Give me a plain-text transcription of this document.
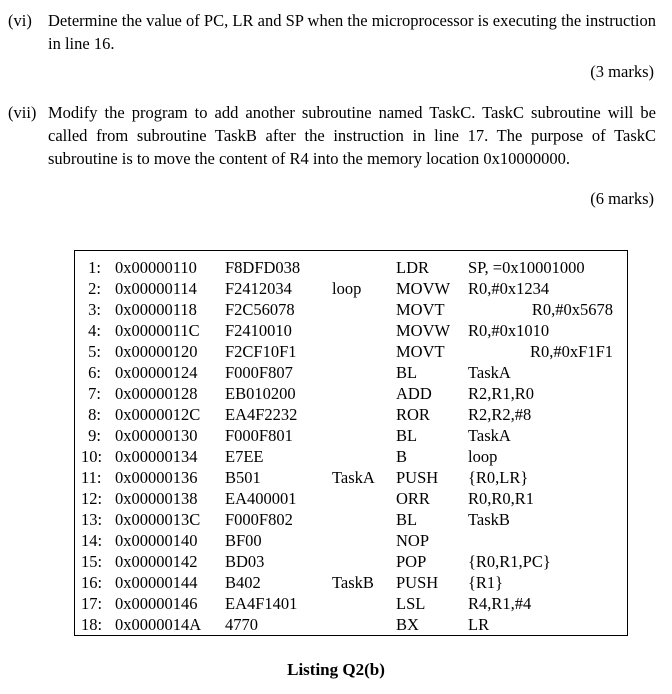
(vi) Determine the value of PC, LR and SP when the microprocessor is executing the instruction in line 16.
(3 marks)
(vii) Modify the program to add another subroutine named TaskC. TaskC subroutine will be called from subroutine TaskB after the instruction in line 17. The purpose of TaskC subroutine is to move the content of R4 into the memory location 0x10000000.
(6 marks)
1: 0x00000110 F8DFD038	LDR SP, =0x10001000
2: 0x00000114 F2412034 loop MOVW R0,#0x1234
3: 0x00000118 F2C56078	MOVT	R0,#0x5678
4: 0x0000011C F2410010	MOVW R0,#0x1010
5: 0x00000120 F2CF10F1	MOVT	R0,#0xF1F1
6: 0x00000124 F000F807	BL	TaskA
7: 0x00000128 EB010200	ADD R2,R1,R0
8: 0x0000012C EA4F2232	ROR R2,R2,#8
9: 0x00000130 F000F801	BL	TaskA
10: 0x00000134 E7EE	B	loop
11: 0x00000136 B501	TaskA PUSH {R0,LR}
12: 0x00000138 EA400001	ORR R0,R0,R1
13: 0x0000013C F000F802	BL	TaskB
14: 0x00000140 BF00	NOP
15: 0x00000142 BD03	POP	{R0,R1,PC}
16: 0x00000144 B402	TaskB PUSH {R1}
17: 0x00000146 EA4F1401	LSL	R4,R1,#4
18: 0x0000014A 4770	BX	LR
Listing Q2(b)
